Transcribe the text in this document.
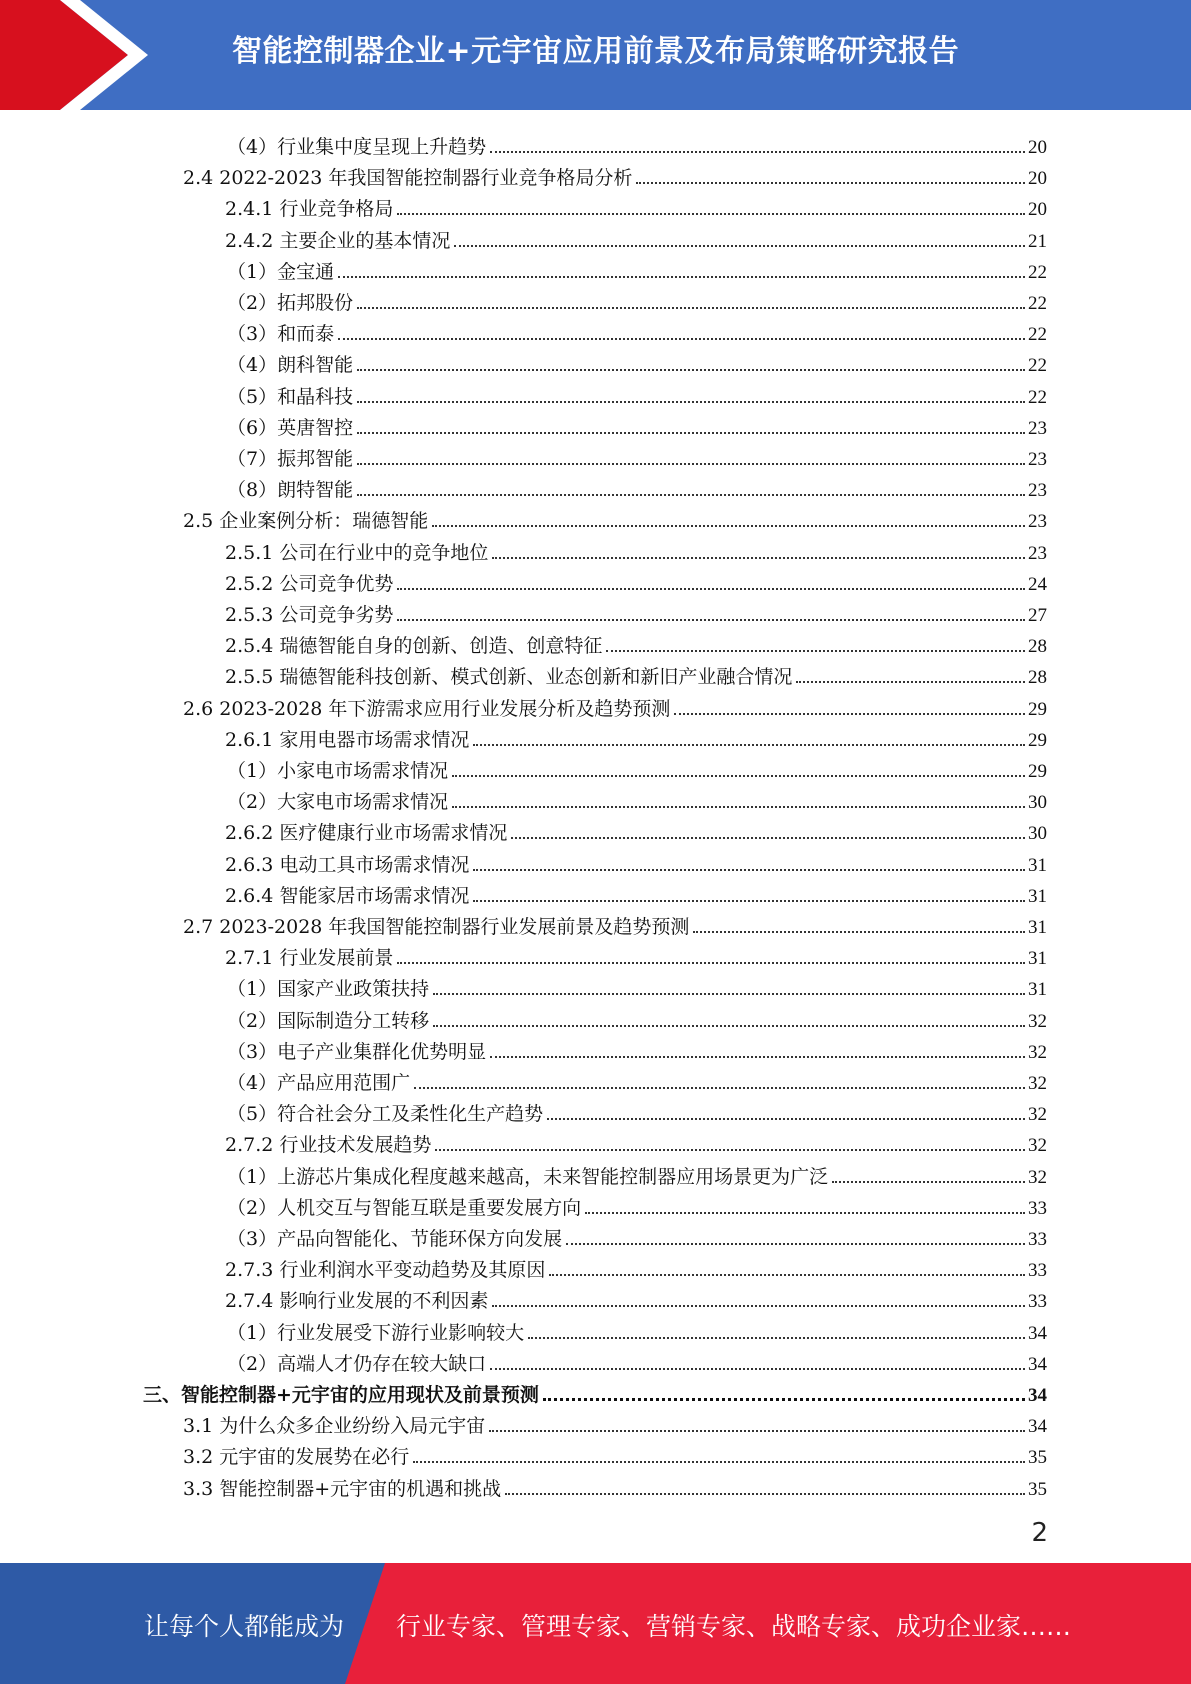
智能控制器企业+元宇宙应用前景及布局策略研究报告
（4）行业集中度呈现上升趋势	20
2.4 2022-2023 年我国智能控制器行业竞争格局分析	20
2.4.1 行业竞争格局	20
2.4.2 主要企业的基本情况	21
（1）金宝通	22
（2）拓邦股份	22
（3）和而泰	22
（4）朗科智能	22
（5）和晶科技	22
（6）英唐智控	23
（7）振邦智能	23
（8）朗特智能	23
2.5 企业案例分析：瑞德智能	23
2.5.1 公司在行业中的竞争地位	23
2.5.2 公司竞争优势	24
2.5.3 公司竞争劣势	27
2.5.4 瑞德智能自身的创新、创造、创意特征	28
2.5.5 瑞德智能科技创新、模式创新、业态创新和新旧产业融合情况	28
2.6 2023-2028 年下游需求应用行业发展分析及趋势预测	29
2.6.1 家用电器市场需求情况	29
（1）小家电市场需求情况	29
（2）大家电市场需求情况	30
2.6.2 医疗健康行业市场需求情况	30
2.6.3 电动工具市场需求情况	31
2.6.4 智能家居市场需求情况	31
2.7 2023-2028 年我国智能控制器行业发展前景及趋势预测	31
2.7.1 行业发展前景	31
（1）国家产业政策扶持	31
（2）国际制造分工转移	32
（3）电子产业集群化优势明显	32
（4）产品应用范围广	32
（5）符合社会分工及柔性化生产趋势	32
2.7.2 行业技术发展趋势	32
（1）上游芯片集成化程度越来越高，未来智能控制器应用场景更为广泛	32
（2）人机交互与智能互联是重要发展方向	33
（3）产品向智能化、节能环保方向发展	33
2.7.3 行业利润水平变动趋势及其原因	33
2.7.4 影响行业发展的不利因素	33
（1）行业发展受下游行业影响较大	34
（2）高端人才仍存在较大缺口	34
三、智能控制器+元宇宙的应用现状及前景预测	34
3.1 为什么众多企业纷纷入局元宇宙	34
3.2 元宇宙的发展势在必行	35
3.3 智能控制器+元宇宙的机遇和挑战	35
2
让每个人都能成为 行业专家、管理专家、营销专家、战略专家、成功企业家……
